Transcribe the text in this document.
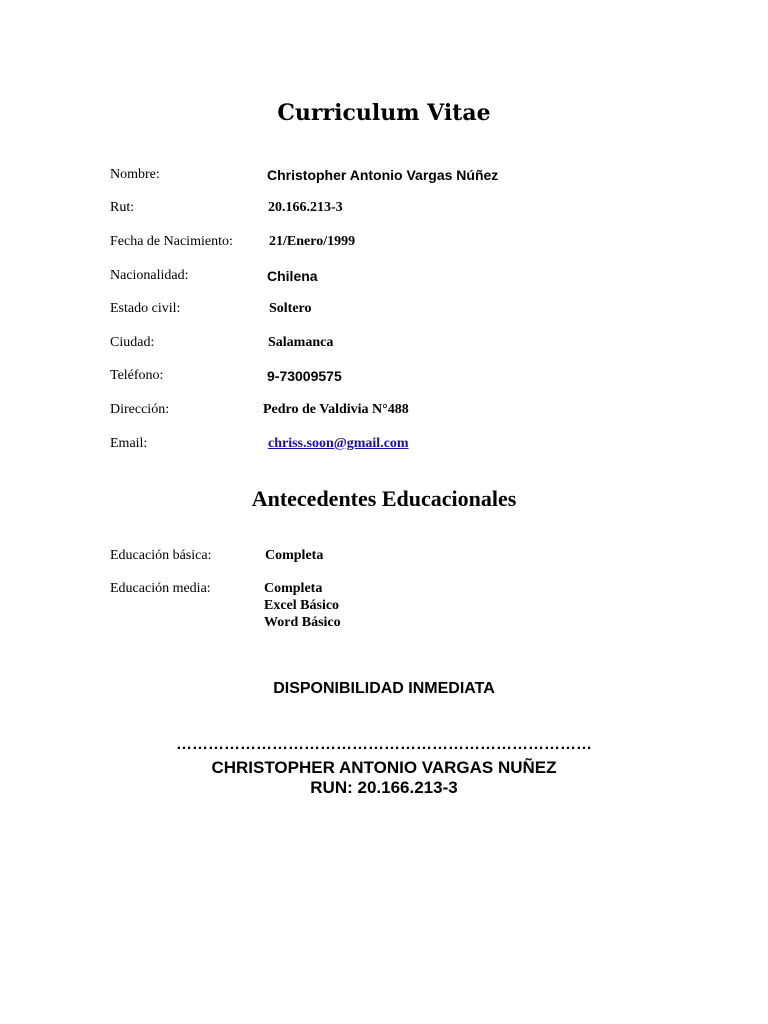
Curriculum Vitae
Nombre:	Christopher Antonio Vargas Núñez
Rut:	20.166.213-3
Fecha de Nacimiento:	21/Enero/1999
Nacionalidad:	Chilena
Estado civil:	Soltero
Ciudad:	Salamanca
Teléfono:	9-73009575
Dirección:	Pedro de Valdivia N°488
Email:	chriss.soon@gmail.com
Antecedentes Educacionales
Educación básica:	Completa
Educación media:	Completa
Excel Básico
Word Básico

DISPONIBILIDAD INMEDIATA

……………………………………………………………………

CHRISTOPHER ANTONIO VARGAS NUÑEZ

RUN: 20.166.213-3
